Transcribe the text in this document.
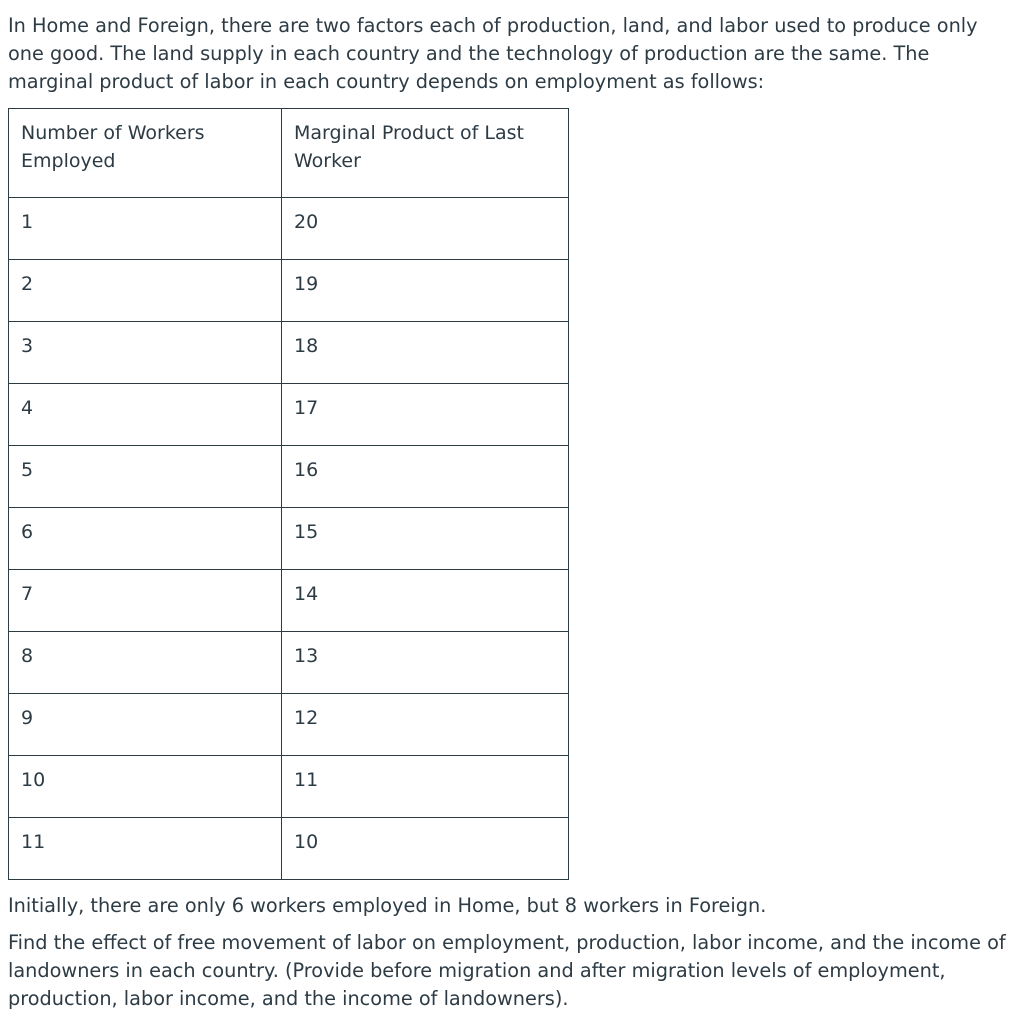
In Home and Foreign, there are two factors each of production, land, and labor used to produce only one good. The land supply in each country and the technology of production are the same. The marginal product of labor in each country depends on employment as follows:

Number of Workers Employed	Marginal Product of Last Worker
1	20
2	19
3	18
4	17
5	16
6	15
7	14
8	13
9	12
10	11
11	10

Initially, there are only 6 workers employed in Home, but 8 workers in Foreign.

Find the effect of free movement of labor on employment, production, labor income, and the income of landowners in each country. (Provide before migration and after migration levels of employment, production, labor income, and the income of landowners).
